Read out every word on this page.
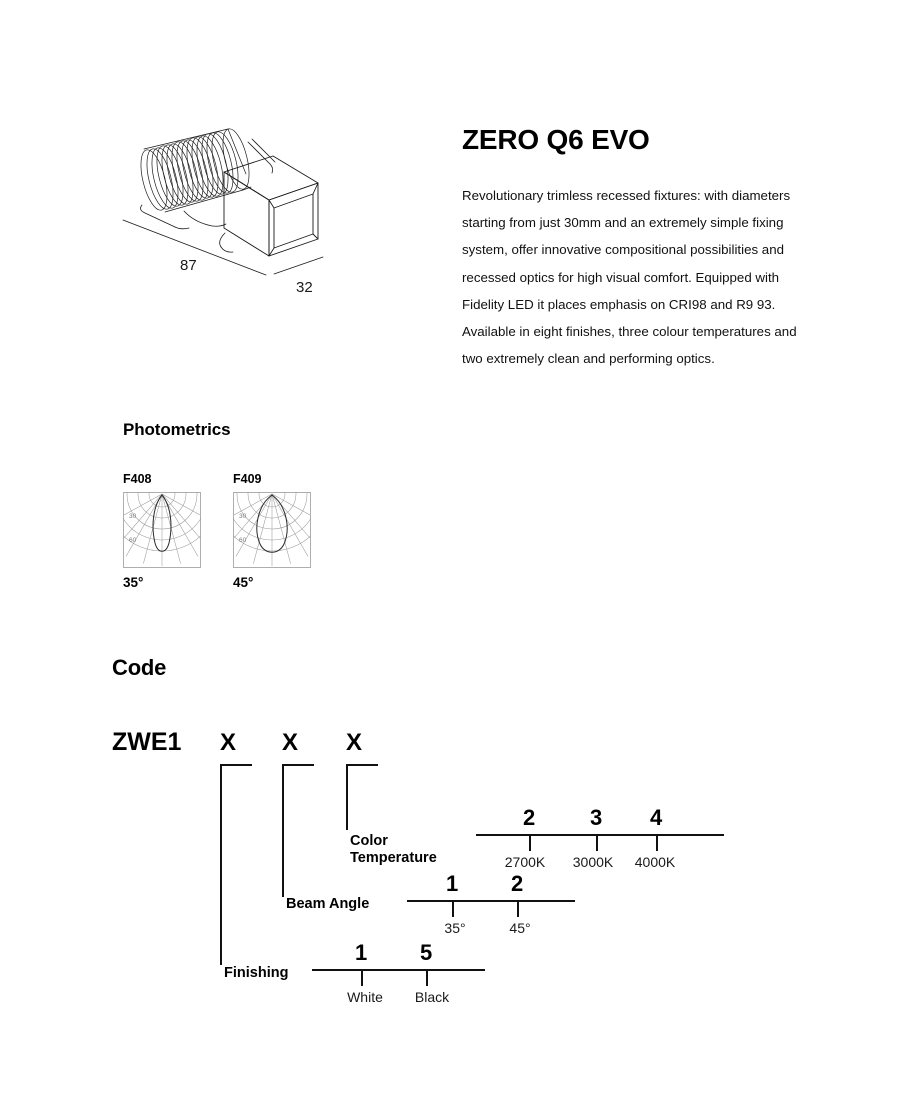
87
32
ZERO Q6 EVO

Revolutionary trimless recessed fixtures: with diameters starting from just 30mm and an extremely simple fixing system, offer innovative compositional possibilities and recessed optics for high visual comfort. Equipped with Fidelity LED it places emphasis on CRI98 and R9 93. Available in eight finishes, three colour temperatures and two extremely clean and performing optics.

Photometrics
F408
30
60
35°
F409
30
60
45°
Code
ZWE1 X X X
Color
Temperature
2 3 4
2700K 3000K 4000K
Beam Angle
1 2
35°	45°
Finishing
1 5
White Black
